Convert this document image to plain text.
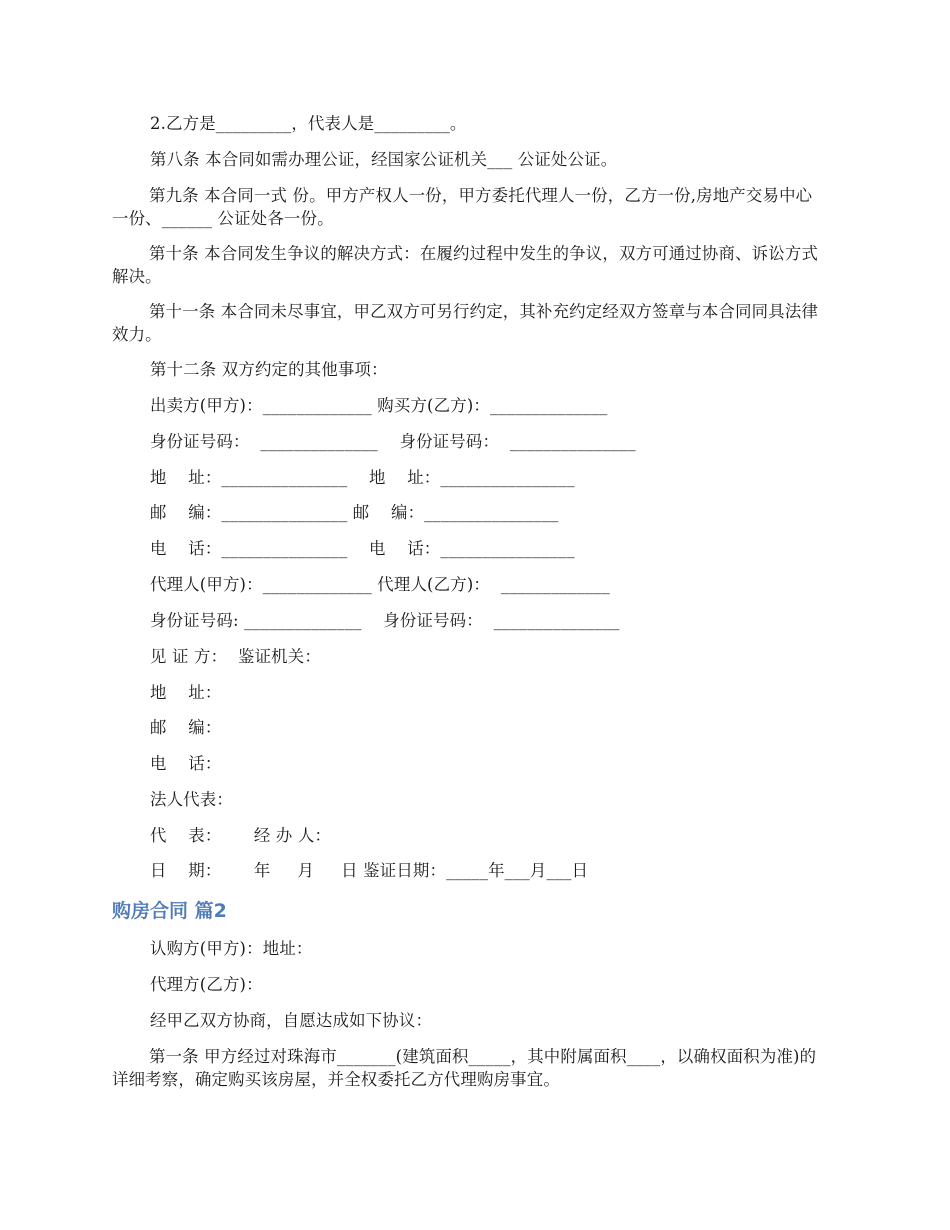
2.乙方是_________，代表人是_________。
第八条 本合同如需办理公证，经国家公证机关___ 公证处公证。

第九条 本合同一式 份。甲方产权人一份，甲方委托代理人一份，乙方一份,房地产交易中心一份、______ 公证处各一份。

第十条 本合同发生争议的解决方式：在履约过程中发生的争议，双方可通过协商、诉讼方式解决。

第十一条 本合同未尽事宜，甲乙双方可另行约定，其补充约定经双方签章与本合同同具法律效力。

第十二条 双方约定的其他事项：
出卖方(甲方)：_____________ 购买方(乙方)：______________
身份证号码：  ______________    身份证号码：  _______________
地    址：_______________    地    址：________________
邮    编：_______________ 邮    编：________________
电    话：_______________    电    话：________________
代理人(甲方)：_____________ 代理人(乙方)：  _____________
身份证号码: ______________    身份证号码：  _______________
见 证 方：  鉴证机关：
地    址：
邮    编：
电    话：
法人代表：
代    表：      经 办 人：
日    期：      年     月     日 鉴证日期：_____年___月___日
购房合同 篇2
认购方(甲方)：地址：
代理方(乙方)：
经甲乙双方协商，自愿达成如下协议：

第一条 甲方经过对珠海市_______(建筑面积_____，其中附属面积____，以确权面积为准)的详细考察，确定购买该房屋，并全权委托乙方代理购房事宜。
